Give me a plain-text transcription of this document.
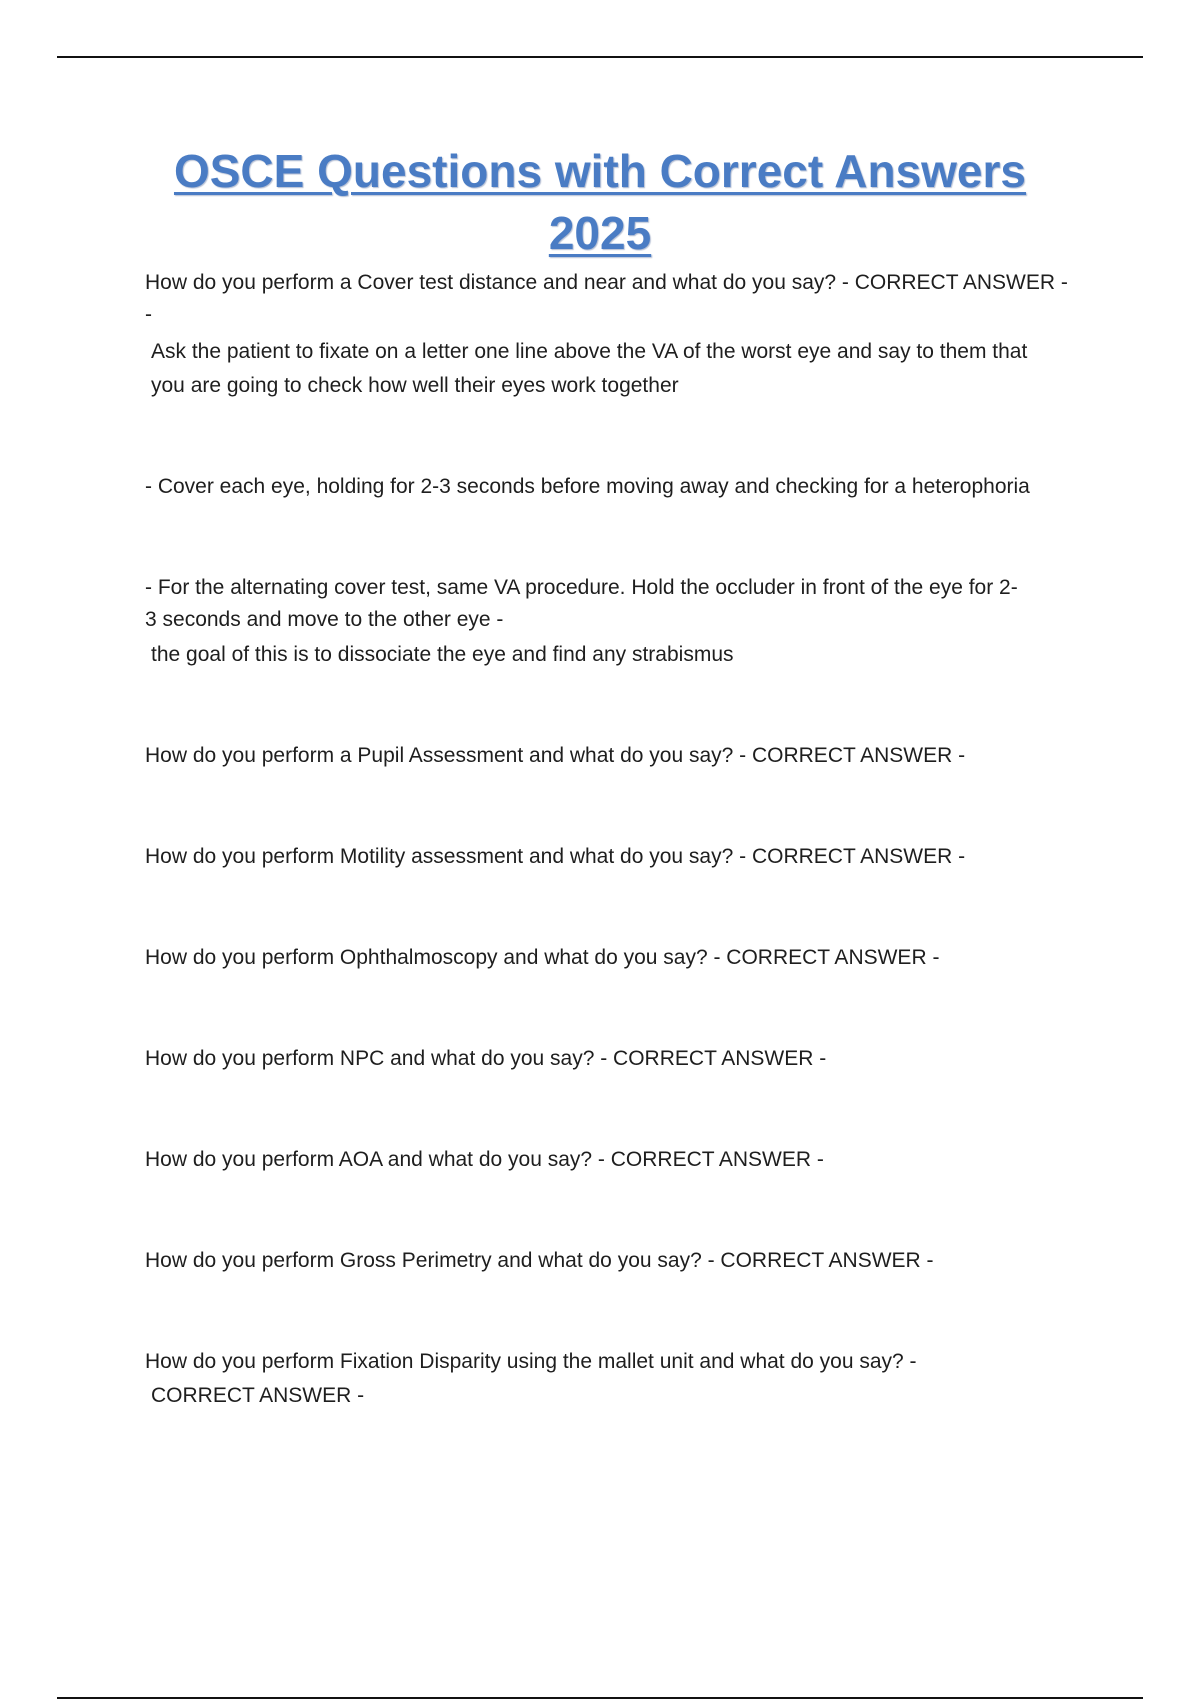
OSCE Questions with Correct Answers
2025
How do you perform a Cover test distance and near and what do you say? - CORRECT ANSWER -
-
Ask the patient to fixate on a letter one line above the VA of the worst eye and say to them that
you are going to check how well their eyes work together
- Cover each eye, holding for 2-3 seconds before moving away and checking for a heterophoria
- For the alternating cover test, same VA procedure. Hold the occluder in front of the eye for 2-
3 seconds and move to the other eye -
the goal of this is to dissociate the eye and find any strabismus
How do you perform a Pupil Assessment and what do you say? - CORRECT ANSWER -
How do you perform Motility assessment and what do you say? - CORRECT ANSWER -
How do you perform Ophthalmoscopy and what do you say? - CORRECT ANSWER -
How do you perform NPC and what do you say? - CORRECT ANSWER -
How do you perform AOA and what do you say? - CORRECT ANSWER -
How do you perform Gross Perimetry and what do you say? - CORRECT ANSWER -
How do you perform Fixation Disparity using the mallet unit and what do you say? -
CORRECT ANSWER -
